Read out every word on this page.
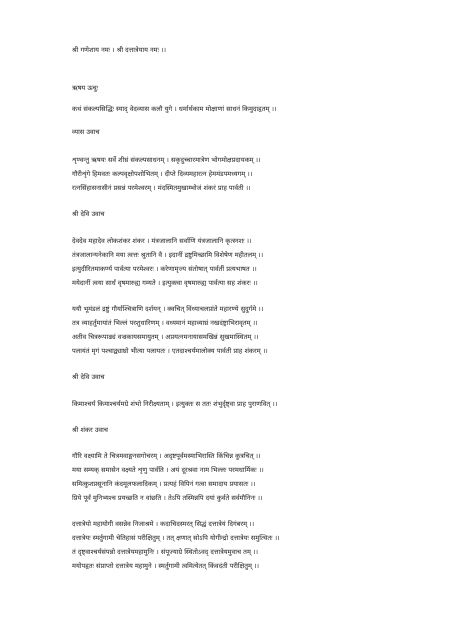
श्री गणेशाय नमः । श्री दत्तात्रेयाय नमः ।।
ऋषय ऊचुः
कथं संकल्पसिद्धिः स्याद् वेदव्यास कलौ युगे । धर्मार्थकाम मोक्षाणां साधनं किमुदाहृतम् ।।
व्यास उवाच
शृण्वन्तु ऋषयः सर्वे शीघ्रं संकल्पसाधनम् । सकृदुच्चारमात्रेण भोगमोक्षप्रदायकम् ।।
गौरीशृंगे हिमवतः कल्पवृक्षोपशोभितम् । दीप्ते दिव्यमहारत्न हेममंडपमध्यगम् ।।
रत्नसिंहासनासीनं प्रसन्नं परमेश्वरम् । मंदस्मितमुखाम्भोजं शंकरं प्राह पार्वती ।।
श्री देवि उवाच
देवदेव महादेव लोकशंकर शंकर । मंत्रजालानि सर्वाणि यंत्रजालानि कृत्स्नशः ।।
तंत्रजालान्यनेकानि मया त्वत्तः श्रुतानि वै । इदानीं द्रष्टुमिच्छामि विशेषेण महीतलम् ।।
इत्युदीरितमाकर्ण्य पार्वत्या परमेश्वरः । करेणामृज्य संतोषात् पार्वतीं प्रत्यभाषत ।।
मयेदानीं त्वया सार्धं वृषमारुह्य गम्यते । इत्युक्त्वा वृषमारुह्य पार्वत्या सह शंकरः ।।
ययौ भूमंडलं द्रष्टुं गौर्याश्चित्राणि दर्शयन् । क्वचित् विंध्याचलप्रांते महारण्ये सुदुर्गमे ।।
तत्र व्याहर्तुमायांतं भिल्लं परशुधारिणम् । वध्यमानं महाव्याघ्रं नखदंष्ट्राभिरावृतम् ।।
अतीव चित्ररूपाढ्यं वज्रकायसमायुतम् । अप्रयत्नमनायासमखिन्नं सुखमास्थितम् ।।
पलायंतं मृगं पश्चाद्व्याघ्रो भीत्या पलायतः । एतदाश्चर्यमालोक्य पार्वती प्राह शंकरम् ।।
श्री देवि उवाच
किमाश्चर्यं किमाश्चर्यमग्रे शंभो निरीक्ष्यताम् । इत्युक्तः स ततः शंभुर्दृष्ट्वा प्राह पुराणवित् ।।
श्री शंकर उवाच
गौरि वक्ष्यामि ते चित्रमवाङ्मनसगोचरम् । अदृष्टपूर्वमस्माभिरास्ति किंचिन्न कुत्रचित् ।।
मया सम्यक् समासेन वक्ष्यते शृणु पार्वति । अयं दूरश्रवा नाम भिल्लः परमधार्मिकः ।।
समित्कुशप्रसूनानि कंदमूलफलादिकम् । प्रत्यहं विपिनं गत्वा समादाय प्रयासतः ।।
प्रिये पूर्वं मुनिभ्यश्च प्रयच्छति न वांछति । तेऽपि तस्मिन्नपि दयां कुर्वते सर्वमौनिनः ।।
दत्तात्रेयो महायोगी वसन्नेव निजाश्रमे । कदाचिदस्मरत् सिद्धं दत्तात्रेयं दिगंबरम् ।।
दत्तात्रेयः स्मर्तुगामी चेतिहासं परीक्षितुम् । तत् क्षणात् सोऽपि योगीन्द्रो दत्तात्रेयः समुत्थितः ।।
तं दृष्ट्वाश्चर्यसंपन्नो दत्तात्रेयमहामुनिः । संपूज्याग्रे स्थितोऽवद् दत्तात्रेयमुवाच तम् ।।
मयोपहृतः संप्राप्तो दत्तात्रेय महामुने । स्मर्तुगामी त्वमित्येतत् किंवदंती परीक्षितुम् ।।
